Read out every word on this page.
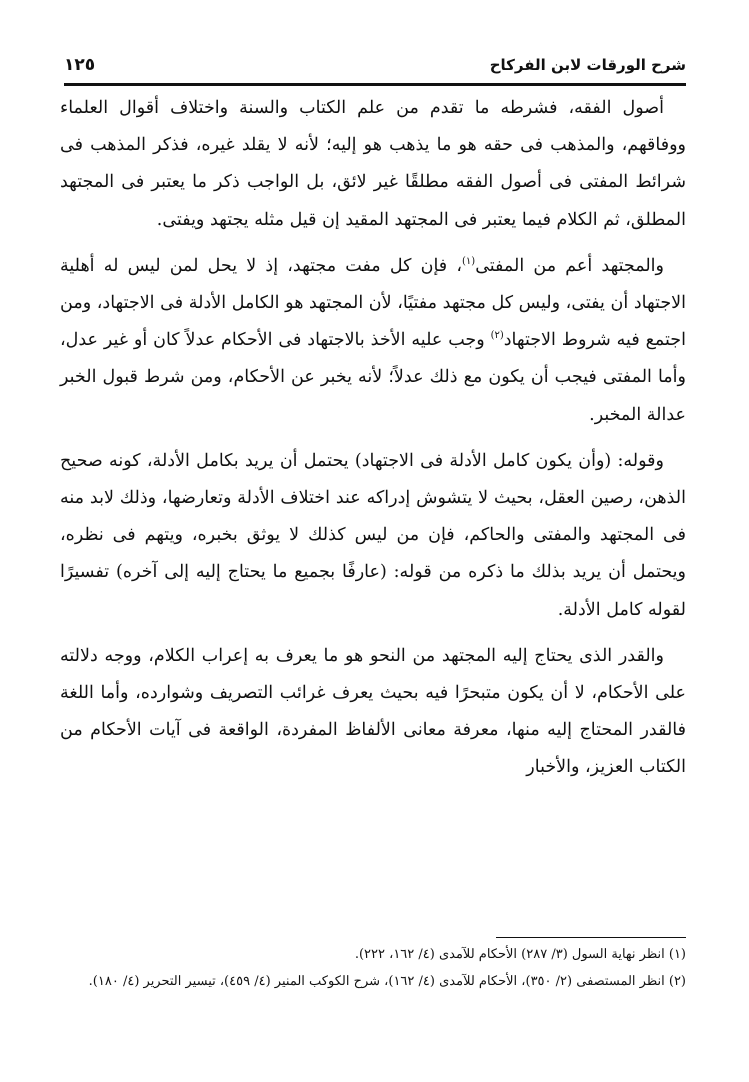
شرح الورقات لابن الفركاح
١٢٥

أصول الفقه، فشرطه ما تقدم من علم الكتاب والسنة واختلاف أقوال العلماء ووفاقهم، والمذهب فى حقه هو ما يذهب هو إليه؛ لأنه لا يقلد غيره، فذكر المذهب فى شرائط المفتى فى أصول الفقه مطلقًا غير لائق، بل الواجب ذكر ما يعتبر فى المجتهد المطلق، ثم الكلام فيما يعتبر فى المجتهد المقيد إن قيل مثله يجتهد ويفتى.

والمجتهد أعم من المفتى$^{(١)}$، فإن كل مفت مجتهد، إذ لا يحل لمن ليس له أهلية الاجتهاد أن يفتى، وليس كل مجتهد مفتيًا، لأن المجتهد هو الكامل الأدلة فى الاجتهاد، ومن اجتمع فيه شروط الاجتهاد$^{(٢)}$ وجب عليه الأخذ بالاجتهاد فى الأحكام عدلاً كان أو غير عدل، وأما المفتى فيجب أن يكون مع ذلك عدلاً؛ لأنه يخبر عن الأحكام، ومن شرط قبول الخبر عدالة المخبر.

وقوله: (وأن يكون كامل الأدلة فى الاجتهاد) يحتمل أن يريد بكامل الأدلة، كونه صحيح الذهن، رصين العقل، بحيث لا يتشوش إدراكه عند اختلاف الأدلة وتعارضها، وذلك لابد منه فى المجتهد والمفتى والحاكم، فإن من ليس كذلك لا يوثق بخبره، ويتهم فى نظره، ويحتمل أن يريد بذلك ما ذكره من قوله: (عارفًا بجميع ما يحتاج إليه إلى آخره) تفسيرًا لقوله كامل الأدلة.

والقدر الذى يحتاج إليه المجتهد من النحو هو ما يعرف به إعراب الكلام، ووجه دلالته على الأحكام، لا أن يكون متبحرًا فيه بحيث يعرف غرائب التصريف وشوارده، وأما اللغة فالقدر المحتاج إليه منها، معرفة معانى الألفاظ المفردة، الواقعة فى آيات الأحكام من الكتاب العزيز، والأخبار

(١) انظر نهاية السول (٣/ ٢٨٧) الأحكام للآمدى (٤/ ١٦٢، ٢٢٢).

(٢) انظر المستصفى (٢/ ٣٥٠)، الأحكام للآمدى (٤/ ١٦٢)، شرح الكوكب المنير (٤/ ٤٥٩)، تيسير التحرير (٤/ ١٨٠).
